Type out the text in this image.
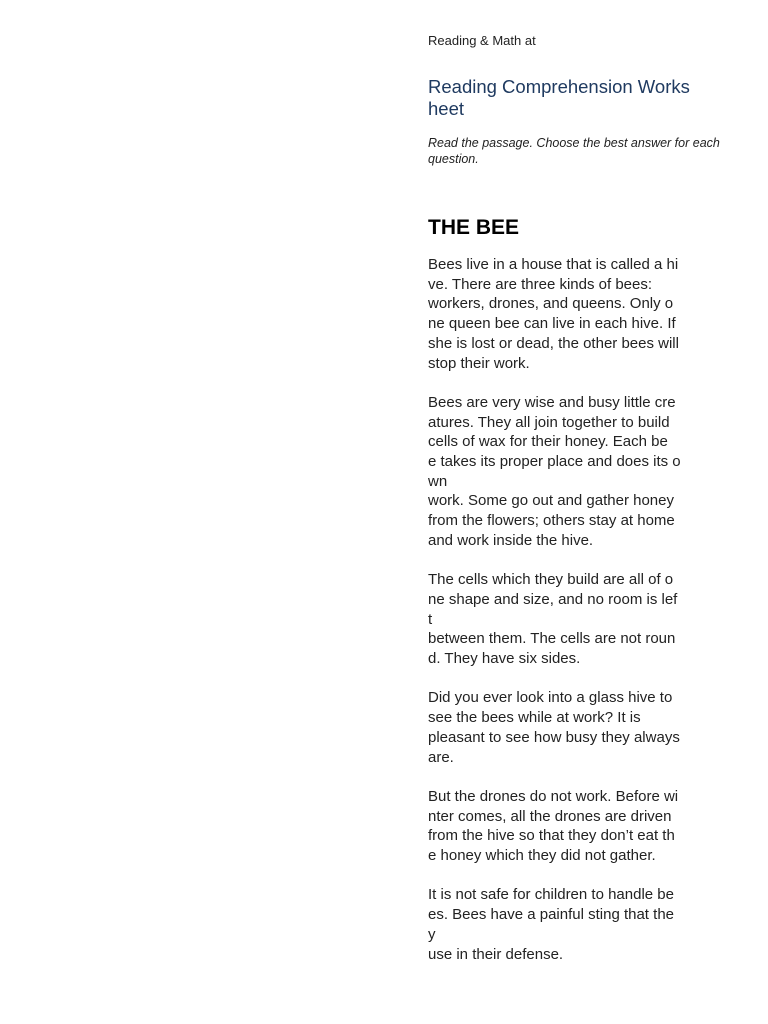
Reading & Math at
Reading Comprehension Works
heet
Read the passage. Choose the best answer for each question.
THE BEE

Bees live in a house that is called a hi
ve. There are three kinds of bees:
workers, drones, and queens. Only o
ne queen bee can live in each hive. If
she is lost or dead, the other bees will
stop their work.

Bees are very wise and busy little cre
atures. They all join together to build
cells of wax for their honey. Each be
e takes its proper place and does its o
wn
work. Some go out and gather honey
from the flowers; others stay at home
and work inside the hive.

The cells which they build are all of o
ne shape and size, and no room is lef
t
between them. The cells are not roun
d. They have six sides.

Did you ever look into a glass hive to
see the bees while at work? It is
pleasant to see how busy they always
are.

But the drones do not work. Before wi
nter comes, all the drones are driven
from the hive so that they don’t eat th
e honey which they did not gather.

It is not safe for children to handle be
es. Bees have a painful sting that the
y
use in their defense.
